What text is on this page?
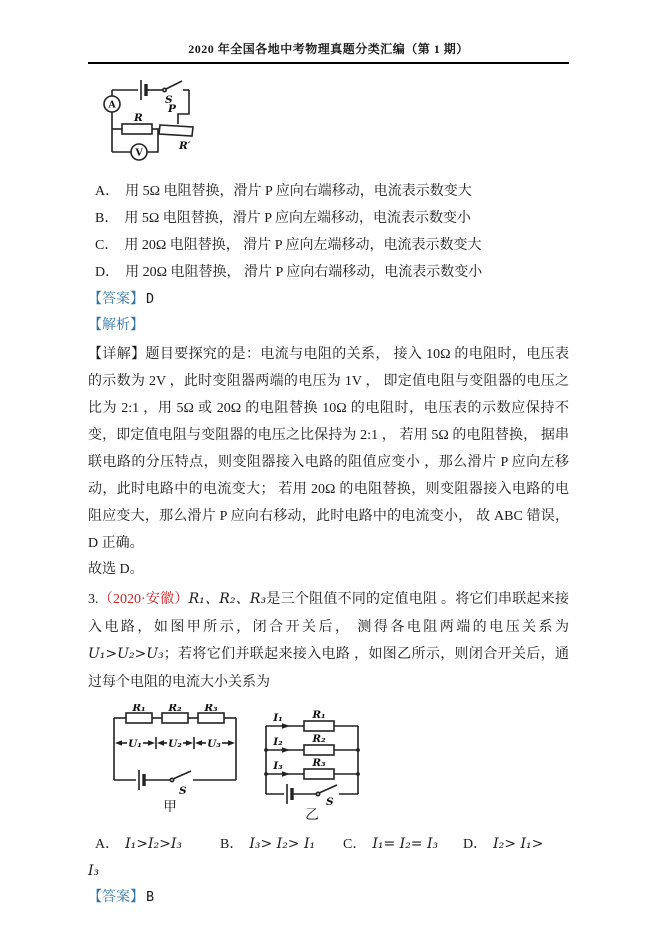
2020 年全国各地中考物理真题分类汇编（第 1 期）
S
P
R′
A
R
V
A． 用 5Ω 电阻替换，滑片 P 应向右端移动，电流表示数变大
B． 用 5Ω 电阻替换，滑片 P 应向左端移动，电流表示数变小
C． 用 20Ω 电阻替换， 滑片 P 应向左端移动，电流表示数变大
D． 用 20Ω 电阻替换， 滑片 P 应向右端移动，电流表示数变小
【答案】 D
【解析】
【详解】题目要探究的是：电流与电阻的关系， 接入 10Ω 的电阻时，电压表的示数为 2V ，此时变阻器两端的电压为 1V ， 即定值电阻与变阻器的电压之比为 2:1 ，用 5Ω 或 20Ω 的电阻替换 10Ω 的电阻时，电压表的示数应保持不变，即定值电阻与变阻器的电压之比保持为 2:1 ， 若用 5Ω 的电阻替换， 据串联电路的分压特点，则变阻器接入电路的阻值应变小 ，那么滑片 P 应向左移动，此时电路中的电流变大； 若用 20Ω 的电阻替换，则变阻器接入电路的电阻应变大，那么滑片 P 应向右移动，此时电路中的电流变小， 故 ABC 错误，D 正确。
故选 D。
3.（2020·安徽）R₁、R₂、R₃是三个阻值不同的定值电阻 。将它们串联起来接入电路，如图甲所示，闭合开关后， 测得各电阻两端的电压关系为 U₁>U₂>U₃；若将它们并联起来接入电路 ，如图乙所示，则闭合开关后，通过每个电阻的电流大小关系为
R₁ R₂ R₃
U₁ U₂ U₃
S
甲
I₁	R₁
I₂	R₂
I₃	R₃
S
乙
A． I₁>I₂>I₃	B． I₃> I₂> I₁ C． I₁= I₂= I₃ D． I₂> I₁>
I₃
【答案】 B
